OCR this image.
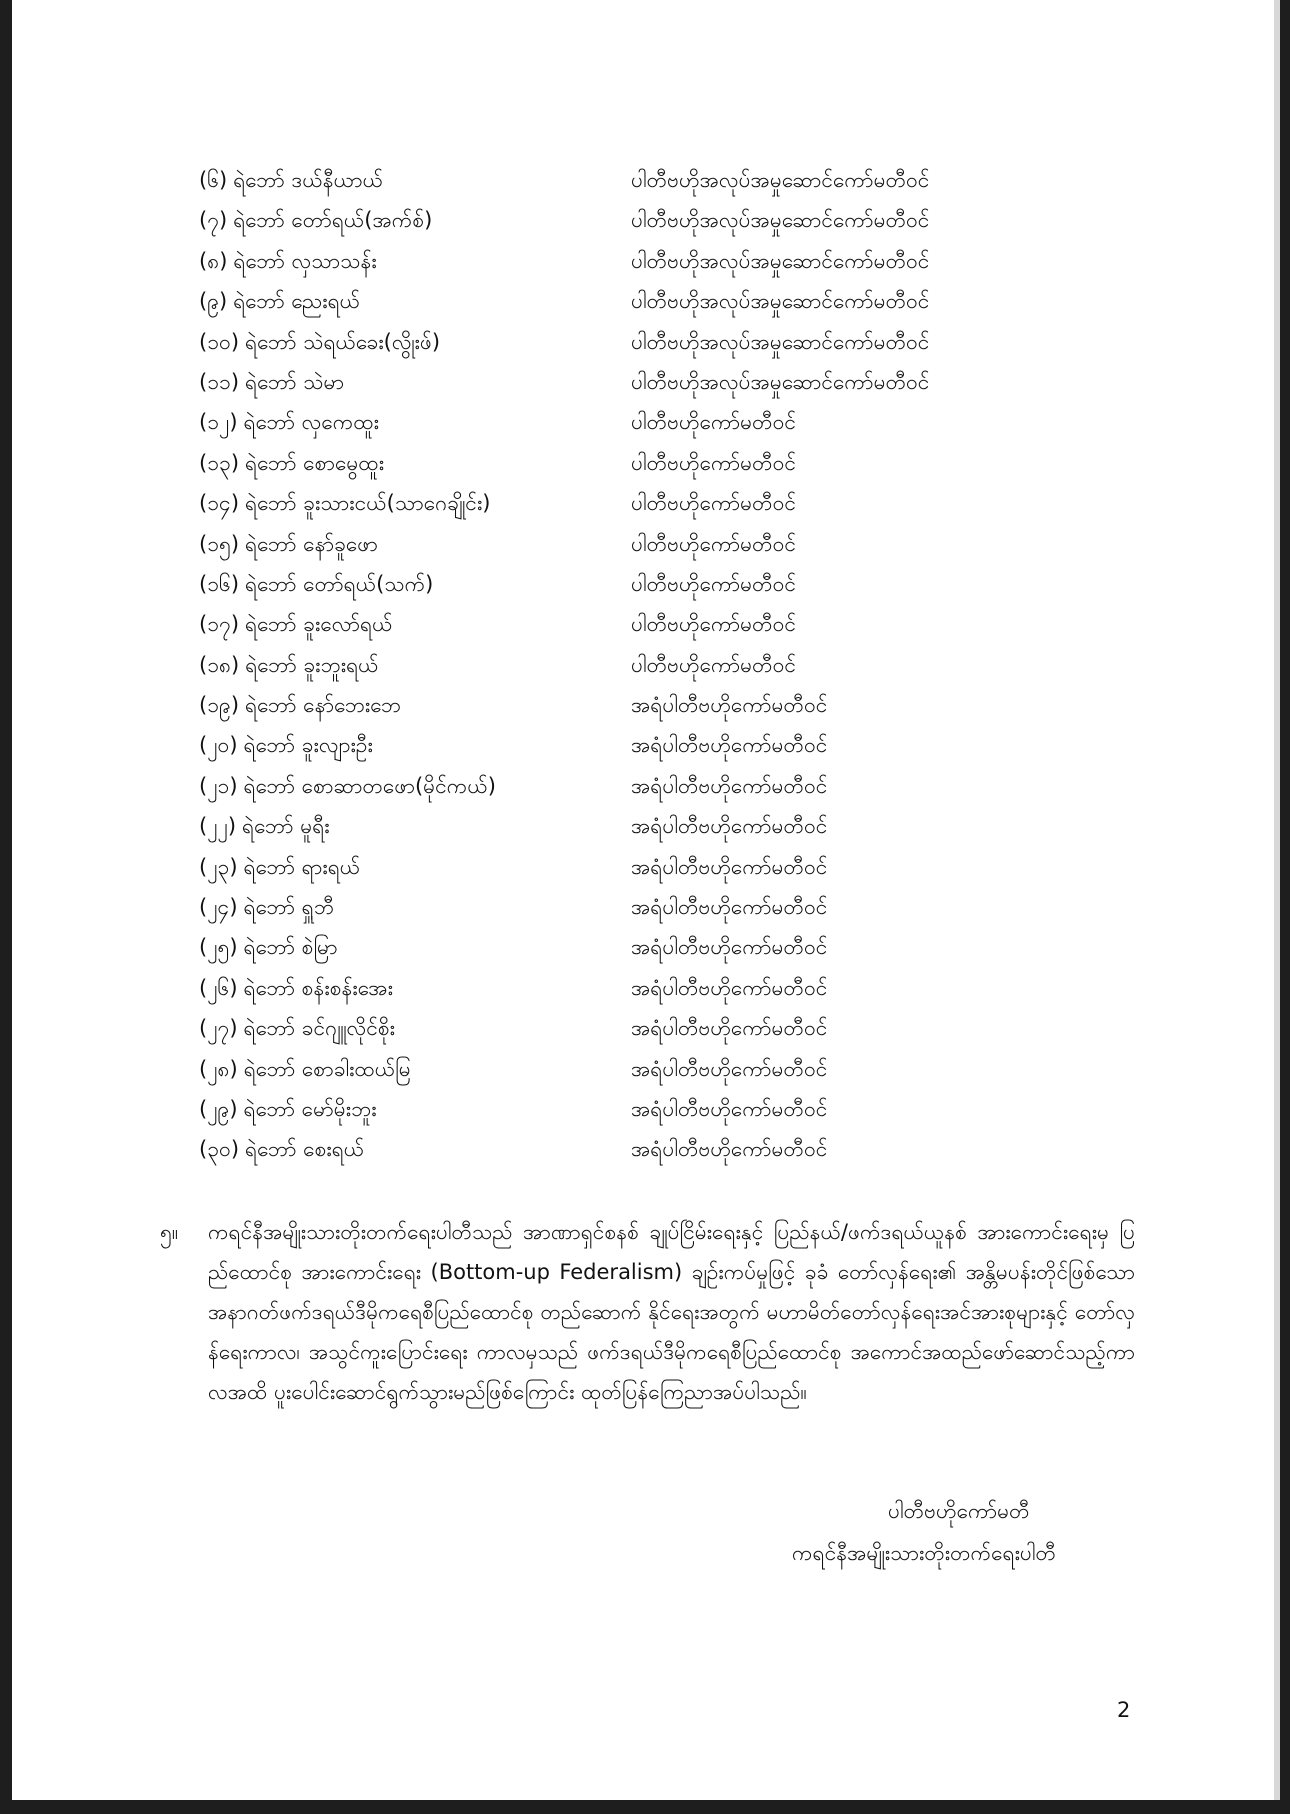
(၆) ရဲဘော် ဒယ်နီယာယ်	ပါတီဗဟိုအလုပ်အမှုဆောင်ကော်မတီဝင်
(၇) ရဲဘော် တော်ရယ်(အက်စ်)	ပါတီဗဟိုအလုပ်အမှုဆောင်ကော်မတီဝင်
(၈) ရဲဘော် လှသာသန်း	ပါတီဗဟိုအလုပ်အမှုဆောင်ကော်မတီဝင်
(၉) ရဲဘော် ညေးရယ်	ပါတီဗဟိုအလုပ်အမှုဆောင်ကော်မတီဝင်
(၁၀) ရဲဘော် သဲရယ်ခေး(လွိုးဖ်)	ပါတီဗဟိုအလုပ်အမှုဆောင်ကော်မတီဝင်
(၁၁) ရဲဘော် သဲမာ	ပါတီဗဟိုအလုပ်အမှုဆောင်ကော်မတီဝင်
(၁၂) ရဲဘော် လှကေထူး	ပါတီဗဟိုကော်မတီဝင်
(၁၃) ရဲဘော် စောမွေထူး	ပါတီဗဟိုကော်မတီဝင်
(၁၄) ရဲဘော် ခူးသားငယ်(သာဂေချိုင်း)	ပါတီဗဟိုကော်မတီဝင်
(၁၅) ရဲဘော် နော်ခူဖော	ပါတီဗဟိုကော်မတီဝင်
(၁၆) ရဲဘော် တော်ရယ်(သက်)	ပါတီဗဟိုကော်မတီဝင်
(၁၇) ရဲဘော် ခူးလော်ရယ်	ပါတီဗဟိုကော်မတီဝင်
(၁၈) ရဲဘော် ခူးဘူးရယ်	ပါတီဗဟိုကော်မတီဝင်
(၁၉) ရဲဘော် နော်ဘေးဘေ	အရံပါတီဗဟိုကော်မတီဝင်
(၂၀) ရဲဘော် ခူးလျားဦး	အရံပါတီဗဟိုကော်မတီဝင်
(၂၁) ရဲဘော် စောဆာတဖော(မိုင်ကယ်)	အရံပါတီဗဟိုကော်မတီဝင်
(၂၂) ရဲဘော် မူရီး	အရံပါတီဗဟိုကော်မတီဝင်
(၂၃) ရဲဘော် ရားရယ်	အရံပါတီဗဟိုကော်မတီဝင်
(၂၄) ရဲဘော် ရှူဘီ	အရံပါတီဗဟိုကော်မတီဝင်
(၂၅) ရဲဘော် စဲမြာ	အရံပါတီဗဟိုကော်မတီဝင်
(၂၆) ရဲဘော် စန်းစန်းအေး	အရံပါတီဗဟိုကော်မတီဝင်
(၂၇) ရဲဘော် ခင်ဂျူလိုင်စိုး	အရံပါတီဗဟိုကော်မတီဝင်
(၂၈) ရဲဘော် စောခါးထယ်မြ	အရံပါတီဗဟိုကော်မတီဝင်
(၂၉) ရဲဘော် မော်မိုးဘူး	အရံပါတီဗဟိုကော်မတီဝင်
(၃၀) ရဲဘော် စေးရယ်	အရံပါတီဗဟိုကော်မတီဝင်
၅။ ကရင်နီအမျိုးသားတိုးတက်ရေးပါတီသည် အာဏာရှင်စနစ် ချုပ်ငြိမ်းရေးနှင့် ပြည်နယ်/ဖက်ဒရယ်ယူနစ် အားကောင်းရေးမှ ပြည်ထောင်စု အားကောင်းရေး (Bottom-up Federalism) ချဉ်းကပ်မှုဖြင့် ခုခံ တော်လှန်ရေး၏ အန္တိမပန်းတိုင်ဖြစ်သော အနာဂတ်ဖက်ဒရယ်ဒီမိုကရေစီပြည်ထောင်စု တည်ဆောက် နိုင်ရေးအတွက် မဟာမိတ်တော်လှန်ရေးအင်အားစုများနှင့် တော်လှန်ရေးကာလ၊ အသွင်ကူးပြောင်းရေး ကာလမှသည် ဖက်ဒရယ်ဒီမိုကရေစီပြည်ထောင်စု အကောင်အထည်ဖော်ဆောင်သည့်ကာလအထိ ပူးပေါင်းဆောင်ရွက်သွားမည်ဖြစ်ကြောင်း ထုတ်ပြန်ကြေညာအပ်ပါသည်။
ပါတီဗဟိုကော်မတီ
ကရင်နီအမျိုးသားတိုးတက်ရေးပါတီ
2
